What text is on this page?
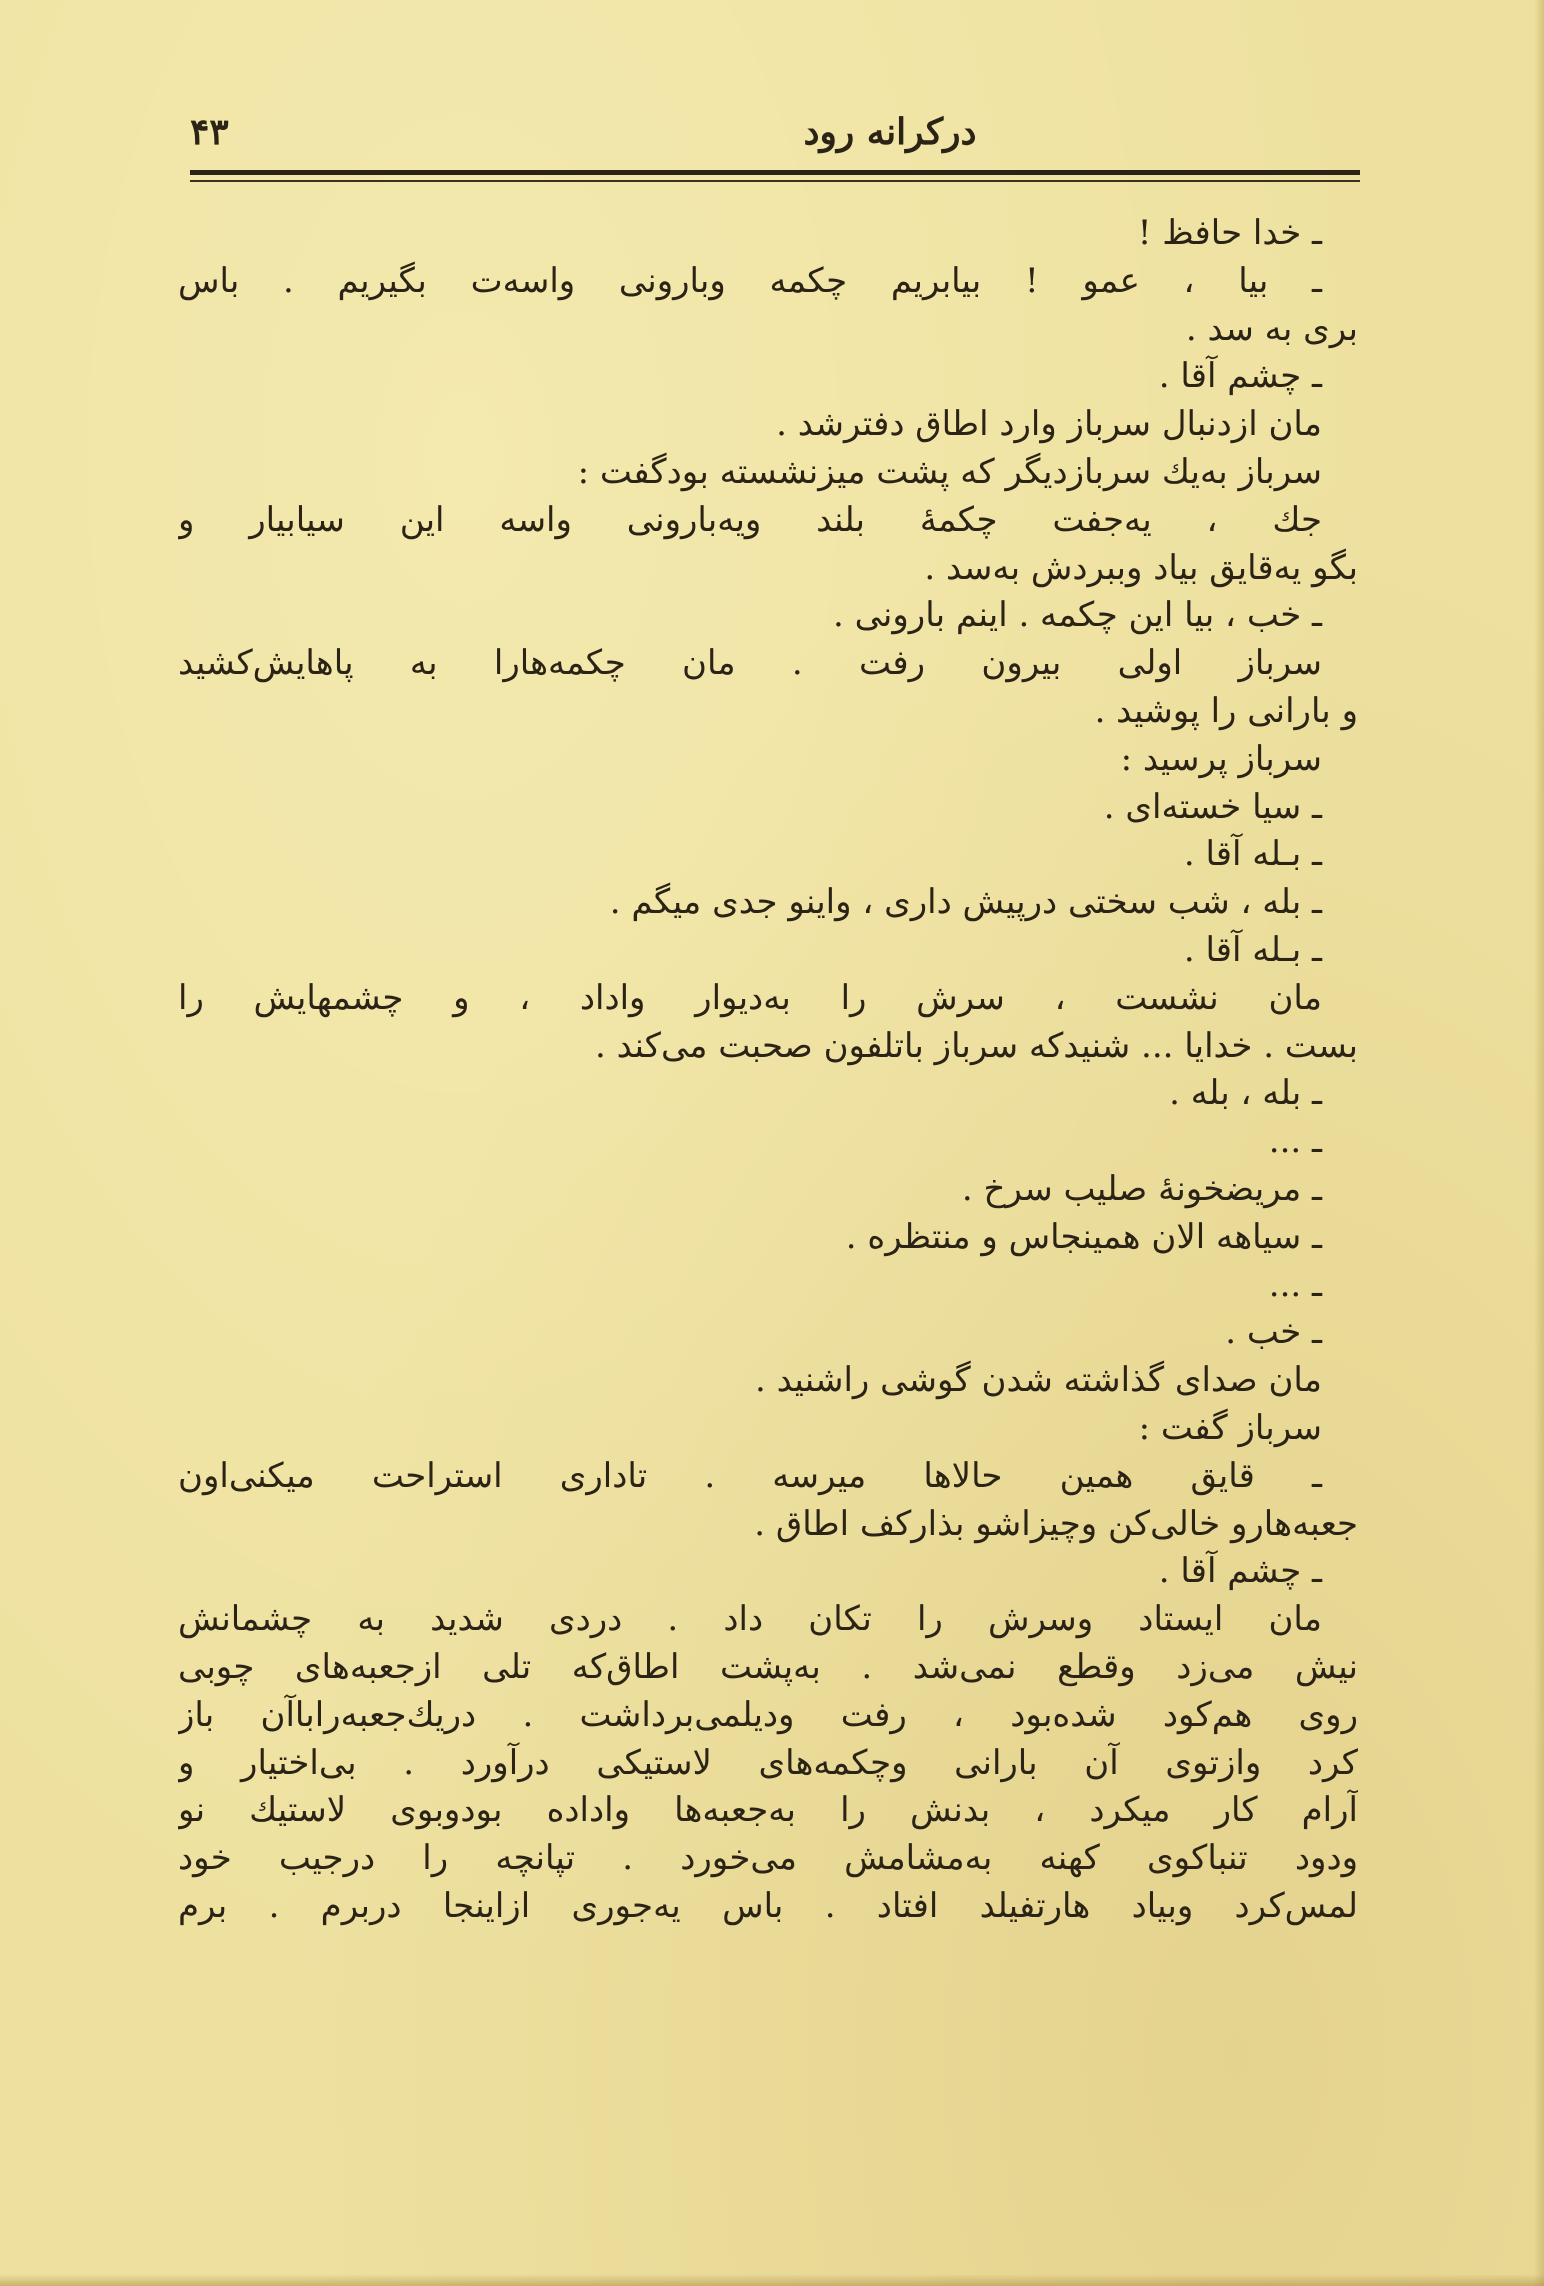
۴۳	درکرانه رود
ـ خدا حافظ !
ـ بیا ، عمو ! بیابریم چکمه وبارونی واسه‌ت بگیریم . باس
بری به سد .
ـ چشم آقا .
مان ازدنبال سرباز وارد اطاق دفترشد .
سرباز به‌یك سربازدیگر كه پشت میزنشسته بودگفت :
جك ، یه‌جفت چکمهٔ بلند ویه‌بارونی واسه این سیابیار و
بگو یه‌قایق بیاد وببردش به‌سد .
ـ خب ، بیا این چکمه . اینم بارونی .
سرباز اولی بیرون رفت . مان چکمه‌هارا به پاهایش‌کشید
و بارانی را پوشید .
سرباز پرسید :
ـ سیا خسته‌ای .
ـ بـله آقا .
ـ بله ، شب سختی درپیش داری ، واینو جدی میگم .
ـ بـله آقا .
مان نشست ، سرش را به‌دیوار واداد ، و چشمهایش را
بست . خدایا ... شنیدکه سرباز باتلفون صحبت می‌کند .
ـ بله ، بله .
ـ ...
ـ مریضخونهٔ صلیب سرخ .
ـ سیاهه الان همینجاس و منتظره .
ـ ...
ـ خب .
مان صدای گذاشته شدن گوشی راشنید .
سرباز گفت :
ـ قایق همین حالاها میرسه . تاداری استراحت میکنی‌اون
جعبه‌هارو خالی‌کن وچیزاشو بذارکف اطاق .
ـ چشم آقا .
مان ایستاد وسرش را تکان داد . دردی شدید به چشمانش
نیش می‌زد وقطع نمی‌شد . به‌پشت اطاق‌که تلی ازجعبه‌های چوبی
روی هم‌کود شده‌بود ، رفت ودیلمی‌برداشت . دریك‌جعبه‌راباآن باز
کرد وازتوی آن بارانی وچکمه‌های لاستیکی درآورد . بی‌اختیار و
آرام کار میکرد ، بدنش را به‌جعبه‌ها واداده بودوبوی لاستیك نو
ودود تنباکوی کهنه به‌مشامش می‌خورد . تپانچه را درجیب خود
لمس‌کرد وبیاد هارتفیلد افتاد . باس یه‌جوری ازاینجا دربرم . برم
